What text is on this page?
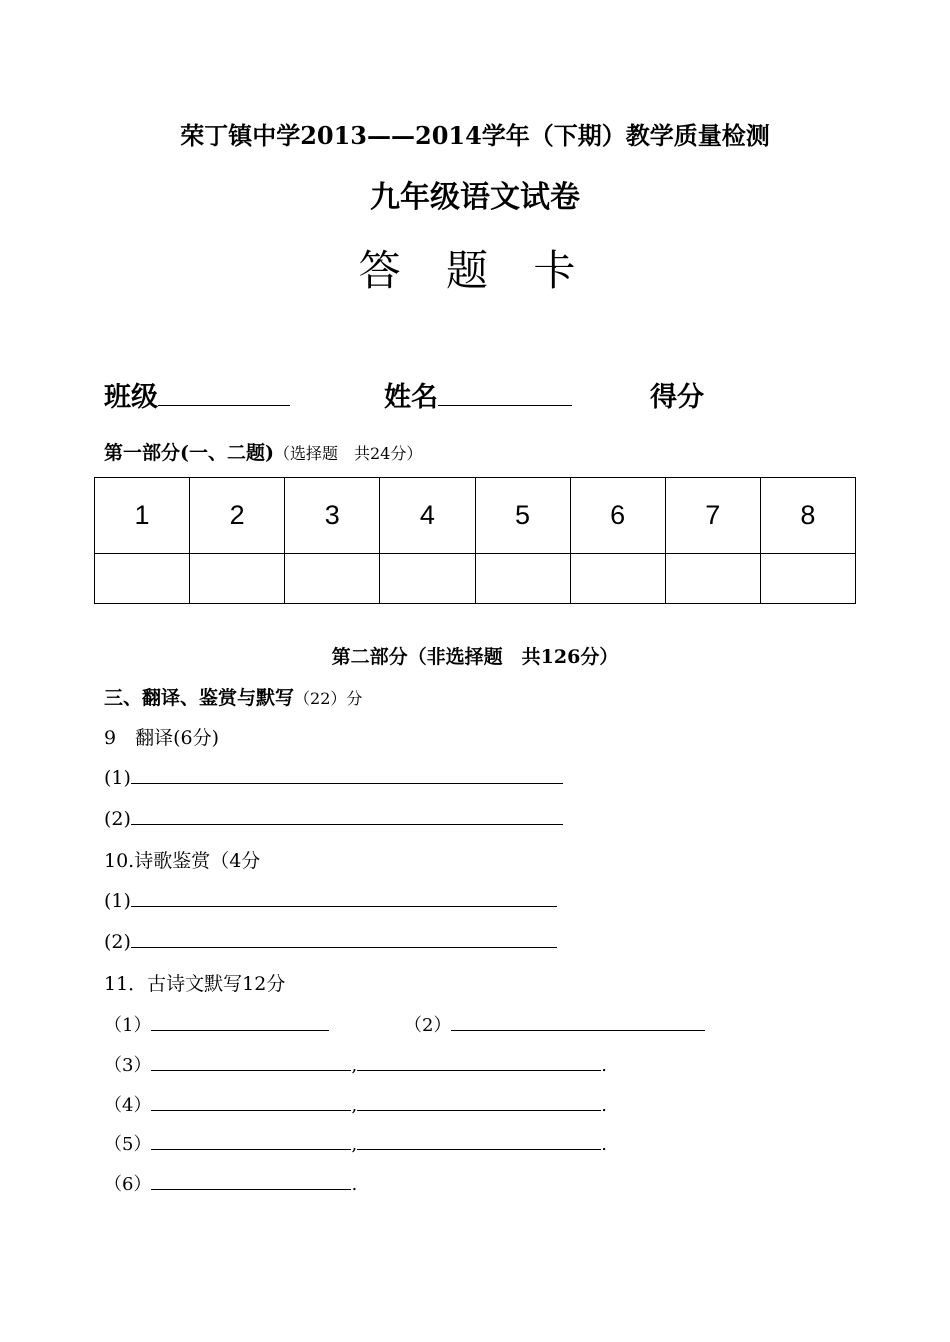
荣丁镇中学2013——2014学年（下期）教学质量检测
九年级语文试卷
答 题 卡
班级	姓名	得分
第一部分(一、二题)（选择题　共24分）
1	2	3	4	5	6	7	8

第二部分（非选择题　共126分）
三、翻译、鉴赏与默写（22）分
9　翻译(6分)
(1)
(2)
10.诗歌鉴赏（4分
(1)
(2)
11．古诗文默写12分
（1）	（2）
（3）	,	.
（4）	,	.
（5）	,	.
（6）	.
